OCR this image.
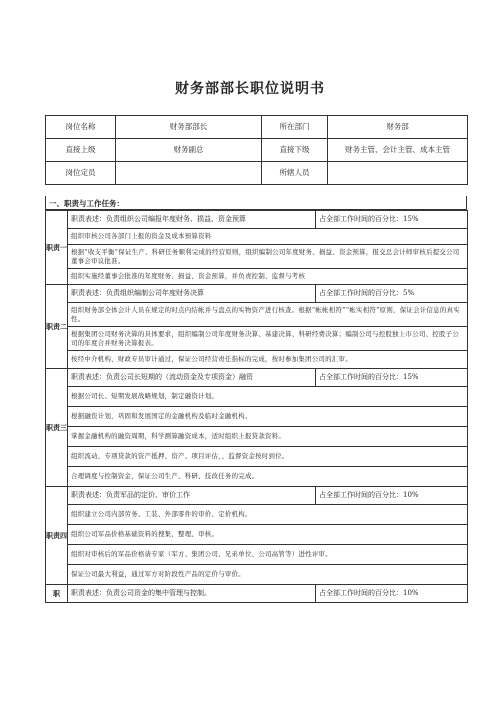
财务部部长职位说明书
岗位名称	财务部部长	所在部门	财务部
直接上级	财务副总	直接下级	财务主管、会计主管、成本主管
岗位定员		所辖人员	
一、职责与工作任务：
职责一	职责表述：负责组织公司编报年度财务、损益、资金预算	占全部工作时间的百分比：15%
	组织审核公司各部门上报的资金及成本预算资料	
	根据“收支平衡”保证生产、科研任务顺利完成的经营原则，组织编制公司年度财务、损益、资金预算，报交总会计师审核后提交公司董事会审议批准。	
	组织实施经董事会批准的年度财务、损益、资金预算，并负责控制、监督与考核	
职责二	职责表述：负责组织编制公司年度财务决算	占全部工作时间的百分比：5%
	组织财务部全体会计人员在规定的时点内结帐并与盘点的实物资产进行核查。根据“帐帐相符”“帐实相符”原则，保证会计信息的真实性。	
	根据集团公司财务决算的具体要求，组织编制公司年度财务决算、基建决算、科研经费决算；编制公司与控股独上市公司、控股子公司的年度合并财务决算报表。	
	按经中介机构、财政专员审计通过，保证公司经营责任指标的完成，按时参加集团公司的汇审。	
职责三	职责表述：负责公司长短期的（流动资金及专项资金）融资	占全部工作时间的百分比：15%
	根据公司长、短期发展战略规划，制定融资计划。	
	根据融资计划，巩固和发展国定的金融机构及临时金融机构。	
	掌握金融机构的融资周期，科学测算融资成本，适时组织上报贷款资料。	
	组织流动、专项贷款的资产抵押、资产、项目评估，、监督资金按时到位。	
	合理调度与控制资金，保证公司生产、科研、技改任务的完成。	
职责四	职责表述：负责军品的定价、审价工作	占全部工作时间的百分比：10%
	组织建立公司内部劳务、工装、外部零件的审价、定价机构。	
	组织公司军品价格基础资料的搜集、整理、审核。	
	组织对审核后的军品价格请专家（军方、集团公司、兄弟单位、公司高管等）进性评审。	
	保证公司最大利益，通过军方对阶段性产品的定价与审价。	
职	职责表述：负责公司资金的集中管理与控制。	占全部工作时间的百分比：10%
